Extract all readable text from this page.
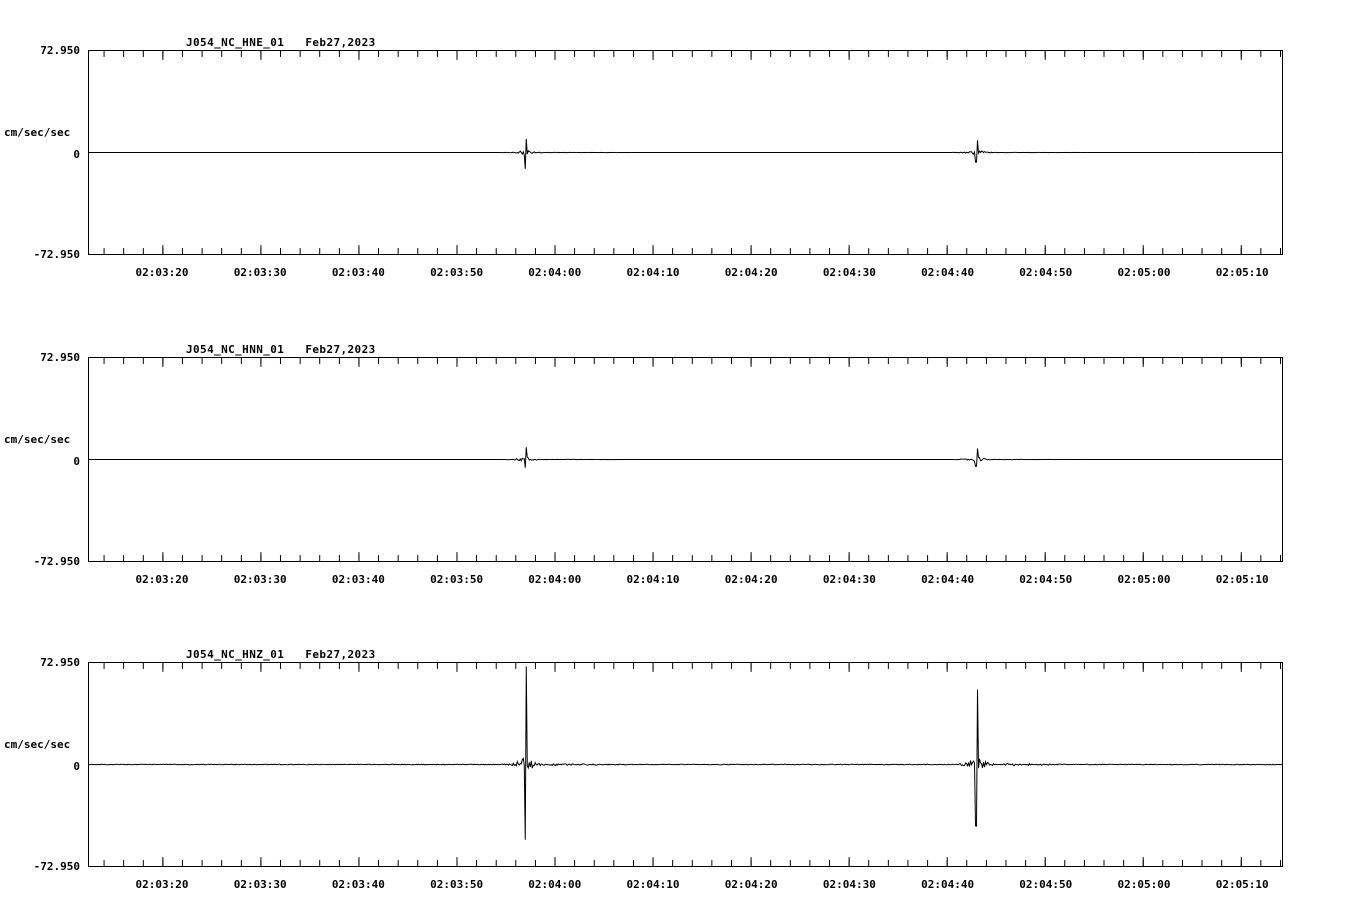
J054_NC_HNE_01   Feb27,2023
cm/sec/sec
72.950
0
-72.950
02:03:20	02:03:30	02:03:40	02:03:50	02:04:00	02:04:10	02:04:20	02:04:30	02:04:40	02:04:50	02:05:00	02:05:10
J054_NC_HNN_01   Feb27,2023
cm/sec/sec
72.950
0
-72.950
02:03:20	02:03:30	02:03:40	02:03:50	02:04:00	02:04:10	02:04:20	02:04:30	02:04:40	02:04:50	02:05:00	02:05:10
J054_NC_HNZ_01   Feb27,2023
cm/sec/sec
72.950
0
-72.950
02:03:20	02:03:30	02:03:40	02:03:50	02:04:00	02:04:10	02:04:20	02:04:30	02:04:40	02:04:50	02:05:00	02:05:10
